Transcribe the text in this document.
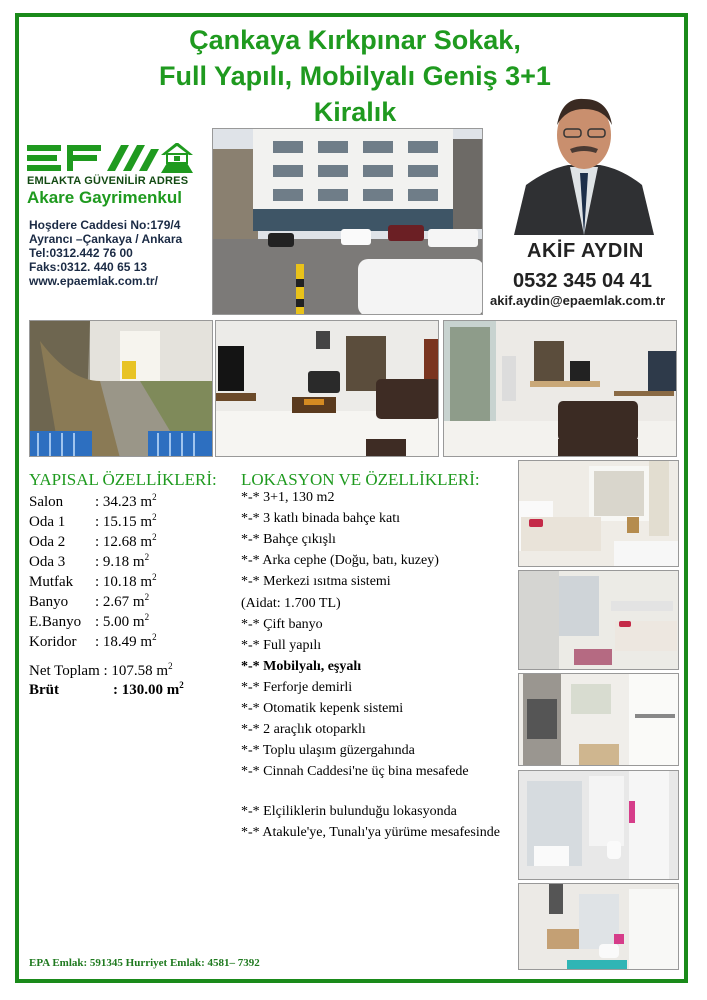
Çankaya Kırkpınar Sokak,
Full Yapılı, Mobilyalı Geniş 3+1
Kiralık
EMLAKTA GÜVENİLİR ADRES
Akare Gayrimenkul
Hoşdere Caddesi No:179/4
Ayrancı –Çankaya / Ankara
Tel:0312.442 76 00
Faks:0312. 440 65 13
www.epaemlak.com.tr/
AKİF AYDIN
0532 345 04 41
akif.aydin@epaemlak.com.tr
YAPISAL ÖZELLİKLERİ:
Salon : 34.23 $m^2$
Oda 1 : 15.15 $m^2$
Oda 2 : 12.68 $m^2$
Oda 3 : 9.18 $m^2$
Mutfak : 10.18 $m^2$
Banyo : 2.67 $m^2$
E.Banyo : 5.00 $m^2$
Koridor : 18.49 $m^2$
Net Toplam : 107.58 $m^2$
Brüt	: 130.00 $m^2$
LOKASYON VE ÖZELLİKLERİ:
*-* 3+1, 130 m2
*-* 3 katlı binada bahçe katı
*-* Bahçe çıkışlı
*-* Arka cephe (Doğu, batı, kuzey)
*-* Merkezi ısıtma sistemi
(Aidat: 1.700 TL)
*-* Çift banyo
*-* Full yapılı
*-* Mobilyalı, eşyalı
*-* Ferforje demirli
*-* Otomatik kepenk sistemi
*-* 2 araçlık otoparklı
*-* Toplu ulaşım güzergahında
*-* Cinnah Caddesi'ne üç bina mesafede
*-* Elçiliklerin bulunduğu lokasyonda
*-* Atakule'ye, Tunalı'ya yürüme mesafesinde
EPA Emlak: 591345 Hurriyet Emlak: 4581– 7392
